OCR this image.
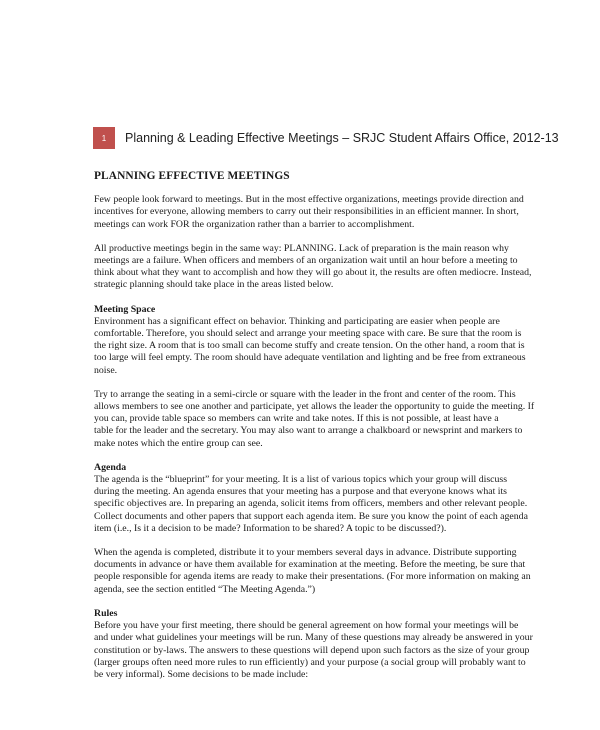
1	Planning & Leading Effective Meetings – SRJC Student Affairs Office, 2012-13
PLANNING EFFECTIVE MEETINGS
Few people look forward to meetings. But in the most effective organizations, meetings provide direction and
incentives for everyone, allowing members to carry out their responsibilities in an efficient manner. In short,
meetings can work FOR the organization rather than a barrier to accomplishment.
All productive meetings begin in the same way: PLANNING. Lack of preparation is the main reason why
meetings are a failure. When officers and members of an organization wait until an hour before a meeting to
think about what they want to accomplish and how they will go about it, the results are often mediocre. Instead,
strategic planning should take place in the areas listed below.
Meeting Space
Environment has a significant effect on behavior. Thinking and participating are easier when people are
comfortable. Therefore, you should select and arrange your meeting space with care. Be sure that the room is
the right size. A room that is too small can become stuffy and create tension. On the other hand, a room that is
too large will feel empty. The room should have adequate ventilation and lighting and be free from extraneous
noise.
Try to arrange the seating in a semi-circle or square with the leader in the front and center of the room. This
allows members to see one another and participate, yet allows the leader the opportunity to guide the meeting. If
you can, provide table space so members can write and take notes. If this is not possible, at least have a
table for the leader and the secretary. You may also want to arrange a chalkboard or newsprint and markers to
make notes which the entire group can see.
Agenda
The agenda is the “blueprint” for your meeting. It is a list of various topics which your group will discuss
during the meeting. An agenda ensures that your meeting has a purpose and that everyone knows what its
specific objectives are. In preparing an agenda, solicit items from officers, members and other relevant people.
Collect documents and other papers that support each agenda item. Be sure you know the point of each agenda
item (i.e., Is it a decision to be made? Information to be shared? A topic to be discussed?).
When the agenda is completed, distribute it to your members several days in advance. Distribute supporting
documents in advance or have them available for examination at the meeting. Before the meeting, be sure that
people responsible for agenda items are ready to make their presentations. (For more information on making an
agenda, see the section entitled “The Meeting Agenda.”)
Rules
Before you have your first meeting, there should be general agreement on how formal your meetings will be
and under what guidelines your meetings will be run. Many of these questions may already be answered in your
constitution or by-laws. The answers to these questions will depend upon such factors as the size of your group
(larger groups often need more rules to run efficiently) and your purpose (a social group will probably want to
be very informal). Some decisions to be made include:
